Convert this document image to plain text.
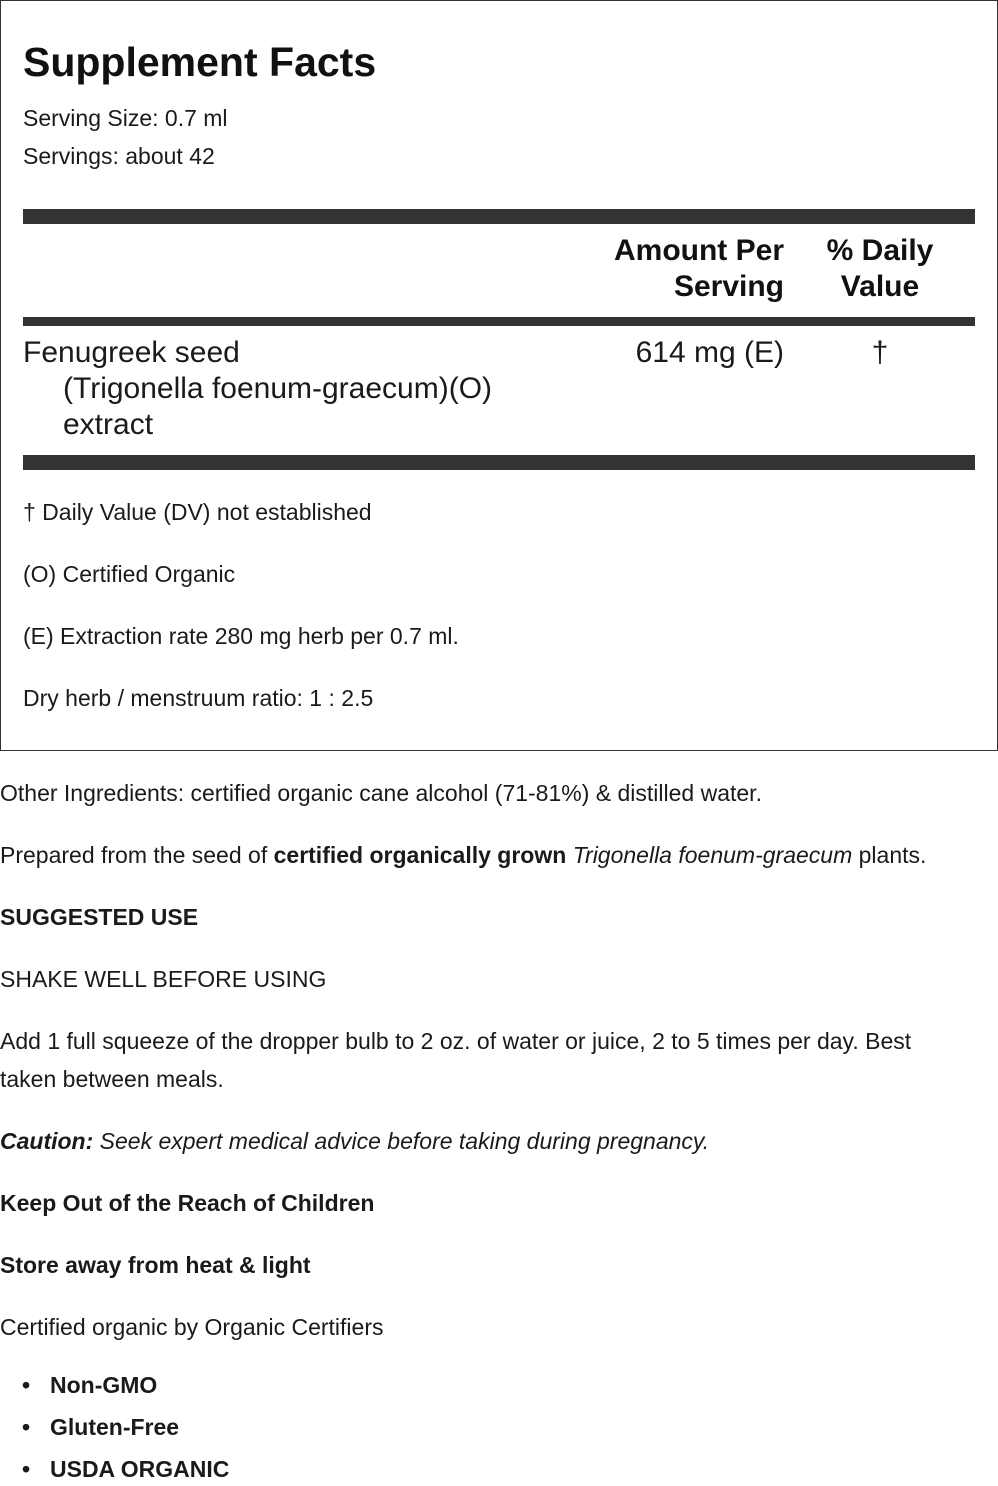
Supplement Facts
Serving Size: 0.7 ml
Servings: about 42
Amount Per
Serving
% Daily
Value
Fenugreek seed
(Trigonella foenum-graecum)(O)
extract
614 mg (E)	†
† Daily Value (DV) not established
(O) Certified Organic
(E) Extraction rate 280 mg herb per 0.7 ml.
Dry herb / menstruum ratio: 1 : 2.5
Other Ingredients: certified organic cane alcohol (71-81%) & distilled water.
Prepared from the seed of certified organically grown Trigonella foenum-graecum plants.
SUGGESTED USE
SHAKE WELL BEFORE USING
Add 1 full squeeze of the dropper bulb to 2 oz. of water or juice, 2 to 5 times per day. Best
taken between meals.
Caution: Seek expert medical advice before taking during pregnancy.
Keep Out of the Reach of Children
Store away from heat & light
Certified organic by Organic Certifiers
• Non-GMO
• Gluten-Free
• USDA ORGANIC
